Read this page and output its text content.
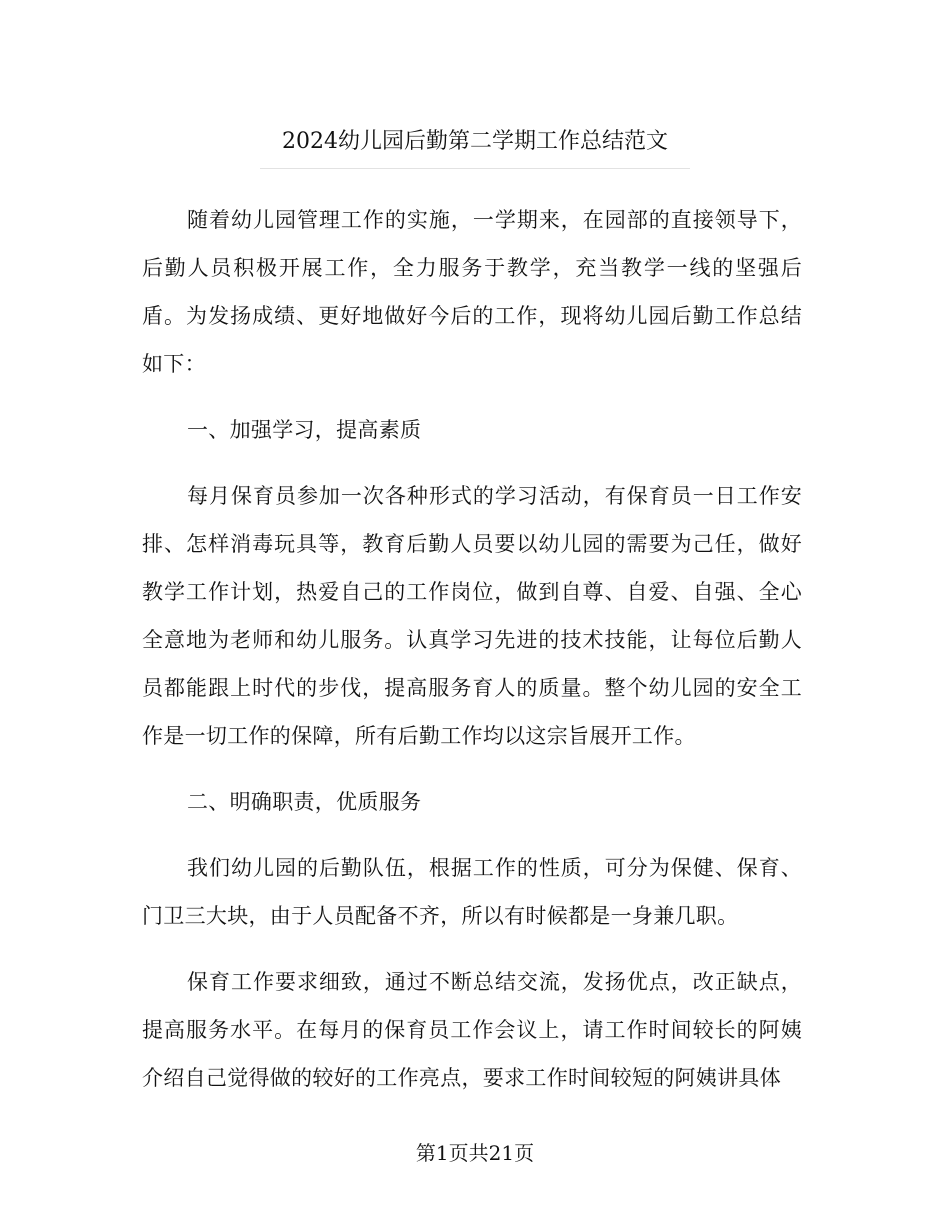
2024幼儿园后勤第二学期工作总结范文

随着幼儿园管理工作的实施，一学期来，在园部的直接领导下，后勤人员积极开展工作，全力服务于教学，充当教学一线的坚强后盾。为发扬成绩、更好地做好今后的工作，现将幼儿园后勤工作总结如下：

一、加强学习，提高素质

每月保育员参加一次各种形式的学习活动，有保育员一日工作安排、怎样消毒玩具等，教育后勤人员要以幼儿园的需要为己任，做好教学工作计划，热爱自己的工作岗位，做到自尊、自爱、自强、全心全意地为老师和幼儿服务。认真学习先进的技术技能，让每位后勤人员都能跟上时代的步伐，提高服务育人的质量。整个幼儿园的安全工作是一切工作的保障，所有后勤工作均以这宗旨展开工作。

二、明确职责，优质服务

我们幼儿园的后勤队伍，根据工作的性质，可分为保健、保育、门卫三大块，由于人员配备不齐，所以有时候都是一身兼几职。

保育工作要求细致，通过不断总结交流，发扬优点，改正缺点，提高服务水平。在每月的保育员工作会议上，请工作时间较长的阿姨介绍自己觉得做的较好的工作亮点，要求工作时间较短的阿姨讲具体

第1页共21页
